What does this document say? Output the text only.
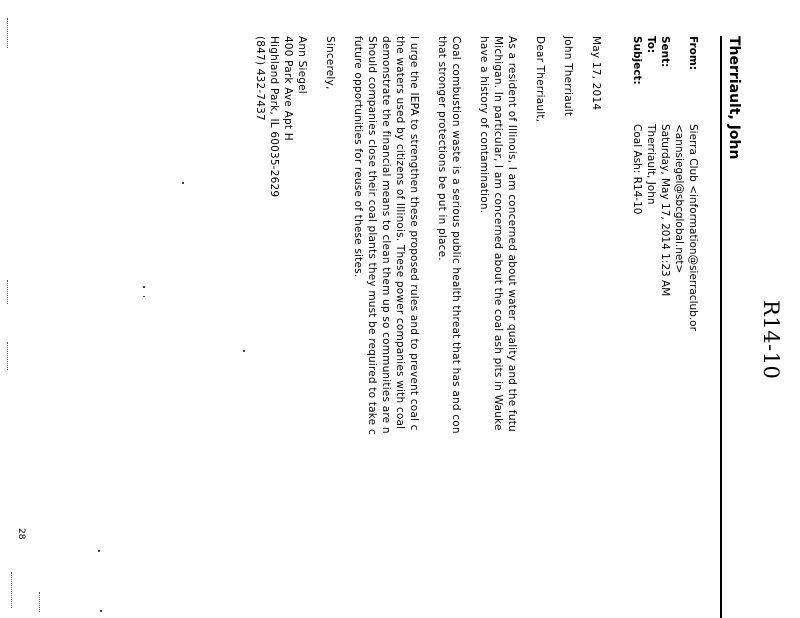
R14-10
Therriault, John
From:
Sierra Club <information@sierraclub.or
<annsiegel@sbcglobal.net>
Sent:
Saturday, May 17, 2014 1:23 AM
To:
Therriault, John
Subject:
Coal Ash: R14-10
May 17, 2014
John Therriault
Dear Therriault,
As a resident of Illinois, I am concerned about water quality and the futu
Michigan. In particular, I am concerned about the coal ash pits in Wauke
have a history of contamination.
Coal combustion waste is a serious public health threat that has and con
that stronger protections be put in place.
I urge the IEPA to strengthen these proposed rules and to prevent coal c
the waters used by citizens of Illinois. These power companies with coal
demonstrate the financial means to clean them up so communities are n
Should companies close their coal plants they must be required to take c
future opportunities for reuse of these sites.
Sincerely,
Ann Siegel
400 Park Ave Apt H
Highland Park, IL 60035-2629
(847) 432-7437
28
